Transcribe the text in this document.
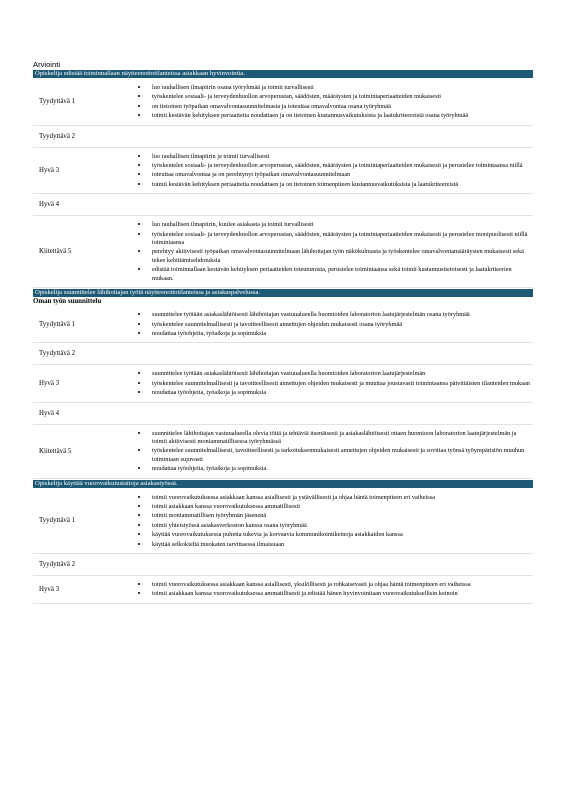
Arviointi
Opiskelija edistää toiminnallaan näytteenottotilanteissa asiakkaan hyvinvointia.
Tyydyttävä 1
• luo rauhallisen ilmapiirin osana työryhmää ja toimii turvallisesti
• työskentelee sosiaali- ja terveydenhuollon arvoperustan, säädösten, määräysten ja toimintaperiaatteiden mukaisesti
• on tietoinen työpaikan omavalvontasuunnitelmasta ja toteuttaa omavalvontaa osana työryhmää
• toimii kestävän kehityksen periaatteita noudattaen ja on tietoinen kustannusvaikutuksista ja laatukriteereistä osana työryhmää
Tyydyttävä 2
Hyvä 3
• luo rauhallisen ilmapiirin ja toimii turvallisesti
• työskentelee sosiaali- ja terveydenhuollon arvoperustan, säädösten, määräysten ja toimintaperiaatteiden mukaisesti ja perustelee toimintaansa niillä
• toteuttaa omavalvontaa ja on perehtynyt työpaikan omavalvontasuunnitelmaan
• toimii kestävän kehityksen periaatteita noudattaen ja on tietoinen toimenpiteen kustannusvaikutuksista ja laatukriteereistä
Hyvä 4
Kiitettävä 5
• luo rauhallisen ilmapiirin, kuulee asiakasta ja toimii turvallisesti
• työskentelee sosiaali- ja terveydenhuollon arvoperustan, säädösten, määräysten ja toimintaperiaatteiden mukaisesti ja perustelee monipuolisesti niillä toimintaansa
• perehtyy aktiivisesti työpaikan omavalvontasuunnitelmaan lähihoitajan työn näkökulmasta ja työskentelee omavalvontamääräysten mukaisesti sekä tekee kehittämisehdotuksia
• edistää toiminnallaan kestävän kehityksen periaatteiden toteutumista, perustelee toimintaansa sekä toimii kustannustietoisesti ja laatukriteerien mukaan.
Opiskelija suunnittelee lähihoitajan työtä näytteenottotilanteissa ja asiakaspalvelussa.
Oman työn suunnittelu
Tyydyttävä 1
• suunnittelee työtään asiakaslähtöisesti lähihoitajan vastuualueella huomioiden laboratorion laatujärjestelmän osana työryhmää
• työskentelee suunnitelmallisesti ja tavoitteellisesti annettujen ohjeiden mukaisesti osana työryhmää
• noudattaa työohjeita, työaikoja ja sopimuksia
Tyydyttävä 2
Hyvä 3
• suunnittelee työtään asiakaslähtöisesti lähihoitajan vastuualueella huomioiden laboratorion laatujärjestelmän
• työskentelee suunnitelmallisesti ja tavoitteellisesti annettujen ohjeiden mukaisesti ja muuttaa joustavasti toimintaansa päivittäisten tilanteiden mukaan
• noudattaa työohjeita, työaikoja ja sopimuksia
Hyvä 4
Kiitettävä 5
• suunnittelee lähihoitajan vastuualueella olevia töitä ja tehtäviä itsenäisesti ja asiakaslähtöisesti ottaen huomioon laboratorion laatujärjestelmän ja toimii aktiivisesti moniammatillisessa työryhmässä
• työskentelee suunnitelmallisesti, tavoitteellisesti ja tarkoituksenmukaisesti annettujen ohjeiden mukaisesti ja sovittaa työnsä työympäristön muuhun toimintaan sujuvasti
• noudattaa työohjeita, työaikoja ja sopimuksia.
Opiskelija käyttää vuorovaikutustaitoja asiakastyössä.
Tyydyttävä 1
• toimii vuorovaikutuksessa asiakkaan kanssa asiallisesti ja ystävällisesti ja ohjaa häntä toimenpiteen eri vaiheissa
• toimii asiakkaan kanssa vuorovaikutuksessa ammatillisesti
• toimii moniammatillisen työryhmän jäsenenä
• toimii yhteistyössä asiakasverkoston kanssa osana työryhmää
• käyttää vuorovaikutuksessa puhetta tukevia ja korvaavia kommunikointikeinoja asiakkaiden kanssa
• käyttää selkokieltä muokaten tarvittaessa ilmaisuaan
Tyydyttävä 2
Hyvä 3
• toimii vuorovaikutuksessa asiakkaan kanssa asiallisesti, yksilöllisesti ja rohkaisevasti ja ohjaa häntä toimenpiteen eri vaiheissa
• toimii asiakkaan kanssa vuorovaikutuksessa ammatillisesti ja edistää hänen hyvinvointiaan vuorovaikutuksellisin keinoin
